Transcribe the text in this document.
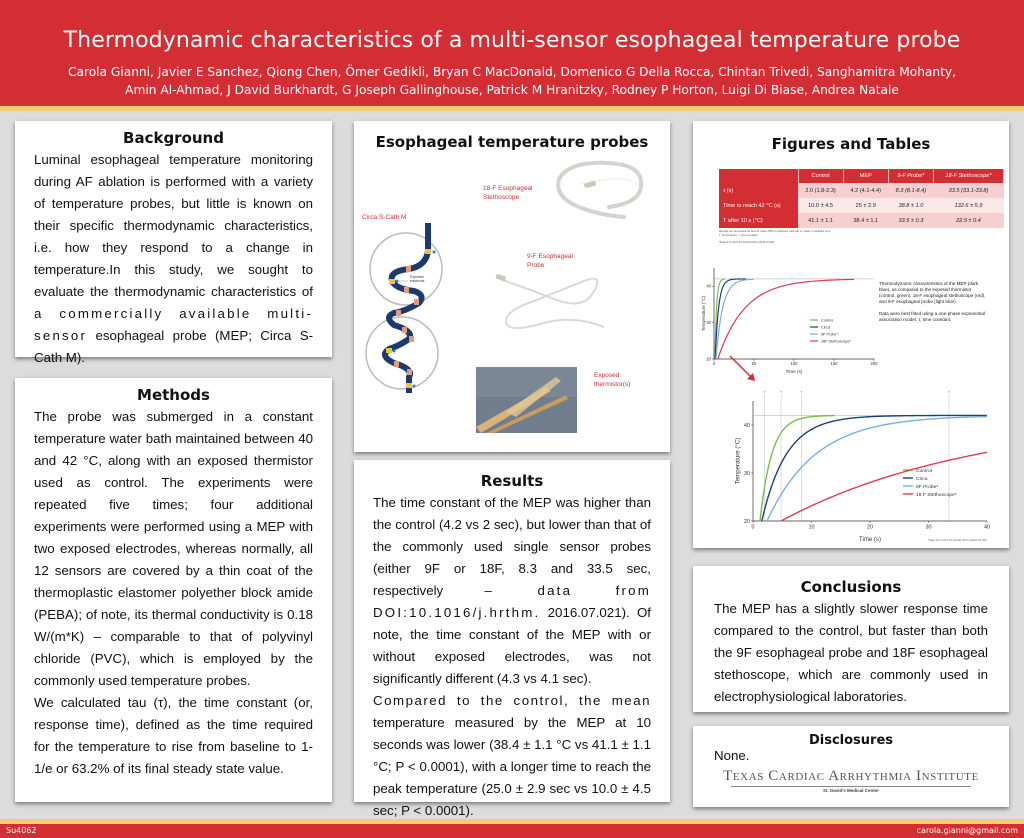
Thermodynamic characteristics of a multi-sensor esophageal temperature probe
Carola Gianni, Javier E Sanchez, Qiong Chen, Ömer Gedikli, Bryan C MacDonald, Domenico G Della Rocca, Chintan Trivedi, Sanghamitra Mohanty,
Amin Al-Ahmad, J David Burkhardt, G Joseph Gallinghouse, Patrick M Hranitzky, Rodney P Horton, Luigi Di Biase, Andrea Natale
Background
Luminal esophageal temperature monitoring during AF ablation is performed with a variety of temperature probes, but little is known on their specific thermodynamic characteristics, i.e. how they respond to a change in temperature.In this study, we sought to evaluate the thermodynamic characteristics of a commercially available multi-sensor esophageal probe (MEP; Circa S-Cath M).
Methods

The probe was submerged in a constant temperature water bath maintained between 40 and 42 °C, along with an exposed thermistor used as control. The experiments were repeated five times; four additional experiments were performed using a MEP with two exposed electrodes, whereas normally, all 12 sensors are covered by a thin coat of the thermoplastic elastomer polyether block amide (PEBA); of note, its thermal conductivity is 0.18 W/(m*K) – comparable to that of polyvinyl chloride (PVC), which is employed by the commonly used temperature probes.

We calculated tau (τ), the time constant (or, response time), defined as the time required for the temperature to rise from baseline to 1-1/e or 63.2% of its final steady state value.

Esophageal temperature probes
Circa S-Cath M
18-F Esophageal Stethoscope
9-F Esophageal Probe
Exposed thermistor(s)
Exposed electrode
Results
The time constant of the MEP was higher than the control (4.2 vs 2 sec), but lower than that of the commonly used single sensor probes (either 9F or 18F, 8.3 and 33.5 sec, respectively	– data from DOI:10.1016/j.hrthm. 2016.07.021). Of note, the time constant of the MEP with or without exposed electrodes, was not significantly different (4.3 vs 4.1 sec).
Compared to the control, the mean temperature measured by the MEP at 10 seconds was lower (38.4 ± 1.1 °C vs 41.1 ± 1.1 °C; P < 0.0001), with a longer time to reach the peak temperature (25.0 ± 2.9 sec vs 10.0 ± 4.5 sec; P < 0.0001).
Figures and Tables
	Control	MEP	9-F Probe*	18-F Stethoscope*
τ (s)	2.0 (1.8-2.3)	4.2 (4.1-4.4)	8.3 (8.1-8.4)	33.5 (33.1-33.8)
Time to reach 42 °C (s)	10.0 ± 4.5	25 ± 2.9	38.8 ± 1.0	132.6 ± 5.9
T after 10 s (°C)	41.1 ± 1.1	38.4 ± 1.1	33.5 ± 0.3	22.5 ± 0.4
Results are presented as best-fit value (95% confidence interval) or mean ± standard error
T, temperature; τ, time constant
*Data from DOI:10.1016/j.hrthm.2016.07.021

Thermodynamic characteristics of the MEP (dark blue), as compared to the exposed thermistor (control, green), 18-F esophageal stethoscope (red), and 9-F esophageal probe (light blue).

Data were best fitted using a one-phase exponential association model. τ, time constant.

0	50	100	150	200
20
30
40
Time (s)
Temperature (°C)	Control
Circa
9F Probe*
18F Stethoscope*
τ	τ	τ	τ
0	10	20	30	40
20
30
40
Time (s)
Temperature (°C)	Control
Circa
9F Probe*
18 F Stethoscope*
*data from DOI:10.1016/j.hrthm.2016.07.021
Conclusions

The MEP has a slightly slower response time compared to the control, but faster than both the 9F esophageal probe and 18F esophageal stethoscope, which are commonly used in electrophysiological laboratories.

Disclosures
None.
Texas Cardiac Arrhythmia Institute
St. David's Medical Center
Su4062	carola.gianni@gmail.com
